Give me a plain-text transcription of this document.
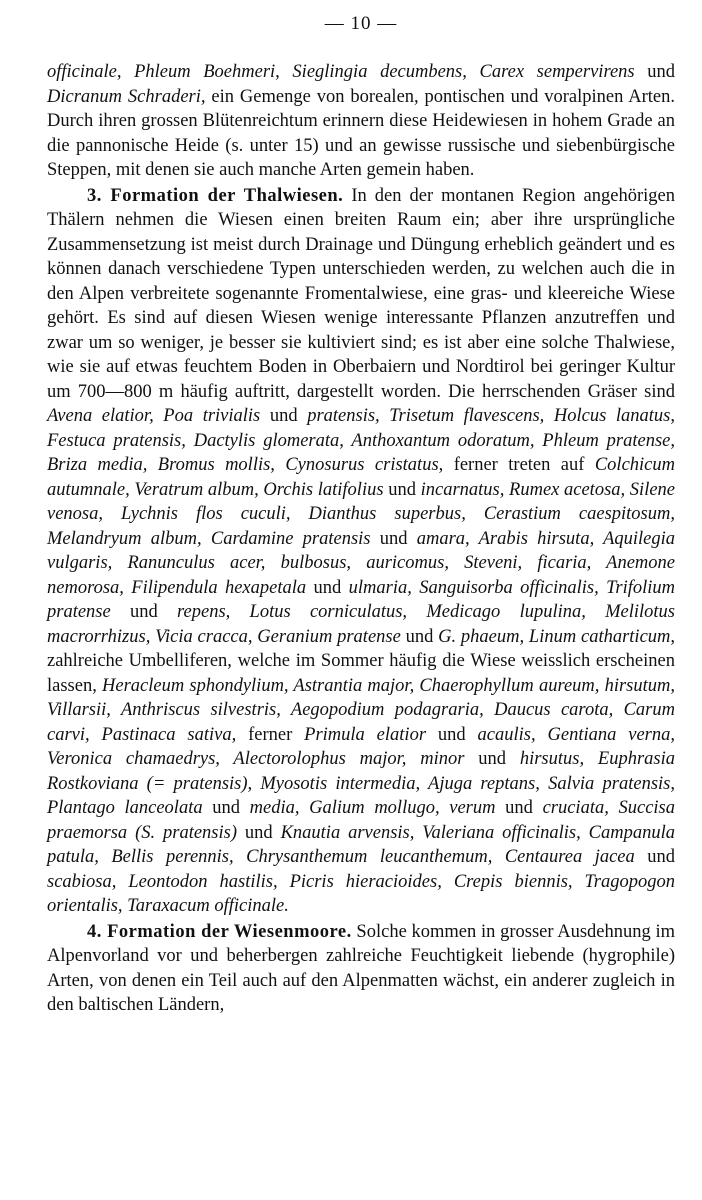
— 10 —

officinale, Phleum Boehmeri, Sieglingia decumbens, Carex sempervirens und Dicranum Schraderi, ein Gemenge von borealen, pontischen und voralpinen Arten. Durch ihren grossen Blütenreichtum erinnern diese Heidewiesen in hohem Grade an die pannonische Heide (s. unter 15) und an gewisse russische und siebenbürgische Steppen, mit denen sie auch manche Arten gemein haben.

3. Formation der Thalwiesen. In den der montanen Region angehörigen Thälern nehmen die Wiesen einen breiten Raum ein; aber ihre ursprüngliche Zusammensetzung ist meist durch Drainage und Düngung erheblich geändert und es können danach verschiedene Typen unterschieden werden, zu welchen auch die in den Alpen verbreitete sogenannte Fromentalwiese, eine gras- und kleereiche Wiese gehört. Es sind auf diesen Wiesen wenige interessante Pflanzen anzutreffen und zwar um so weniger, je besser sie kultiviert sind; es ist aber eine solche Thalwiese, wie sie auf etwas feuchtem Boden in Oberbaiern und Nordtirol bei geringer Kultur um 700—800 m häufig auftritt, dargestellt worden. Die herrschenden Gräser sind Avena elatior, Poa trivialis und pratensis, Trisetum flavescens, Holcus lanatus, Festuca pratensis, Dactylis glomerata, Anthoxantum odoratum, Phleum pratense, Briza media, Bromus mollis, Cynosurus cristatus, ferner treten auf Colchicum autumnale, Veratrum album, Orchis latifolius und incarnatus, Rumex acetosa, Silene venosa, Lychnis flos cuculi, Dianthus superbus, Cerastium caespitosum, Melandryum album, Cardamine pratensis und amara, Arabis hirsuta, Aquilegia vulgaris, Ranunculus acer, bulbosus, auricomus, Steveni, ficaria, Anemone nemorosa, Filipendula hexapetala und ulmaria, Sanguisorba officinalis, Trifolium pratense und repens, Lotus corniculatus, Medicago lupulina, Melilotus macrorrhizus, Vicia cracca, Geranium pratense und G. phaeum, Linum catharticum, zahlreiche Umbelliferen, welche im Sommer häufig die Wiese weisslich erscheinen lassen, Heracleum sphondylium, Astrantia major, Chaerophyllum aureum, hirsutum, Villarsii, Anthriscus silvestris, Aegopodium podagraria, Daucus carota, Carum carvi, Pastinaca sativa, ferner Primula elatior und acaulis, Gentiana verna, Veronica chamaedrys, Alectorolophus major, minor und hirsutus, Euphrasia Rostkoviana (= pratensis), Myosotis intermedia, Ajuga reptans, Salvia pratensis, Plantago lanceolata und media, Galium mollugo, verum und cruciata, Succisa praemorsa (S. pratensis) und Knautia arvensis, Valeriana officinalis, Campanula patula, Bellis perennis, Chrysanthemum leucanthemum, Centaurea jacea und scabiosa, Leontodon hastilis, Picris hieracioides, Crepis biennis, Tragopogon orientalis, Taraxacum officinale.

4. Formation der Wiesenmoore. Solche kommen in grosser Ausdehnung im Alpenvorland vor und beherbergen zahlreiche Feuchtigkeit liebende (hygrophile) Arten, von denen ein Teil auch auf den Alpenmatten wächst, ein anderer zugleich in den baltischen Ländern,
